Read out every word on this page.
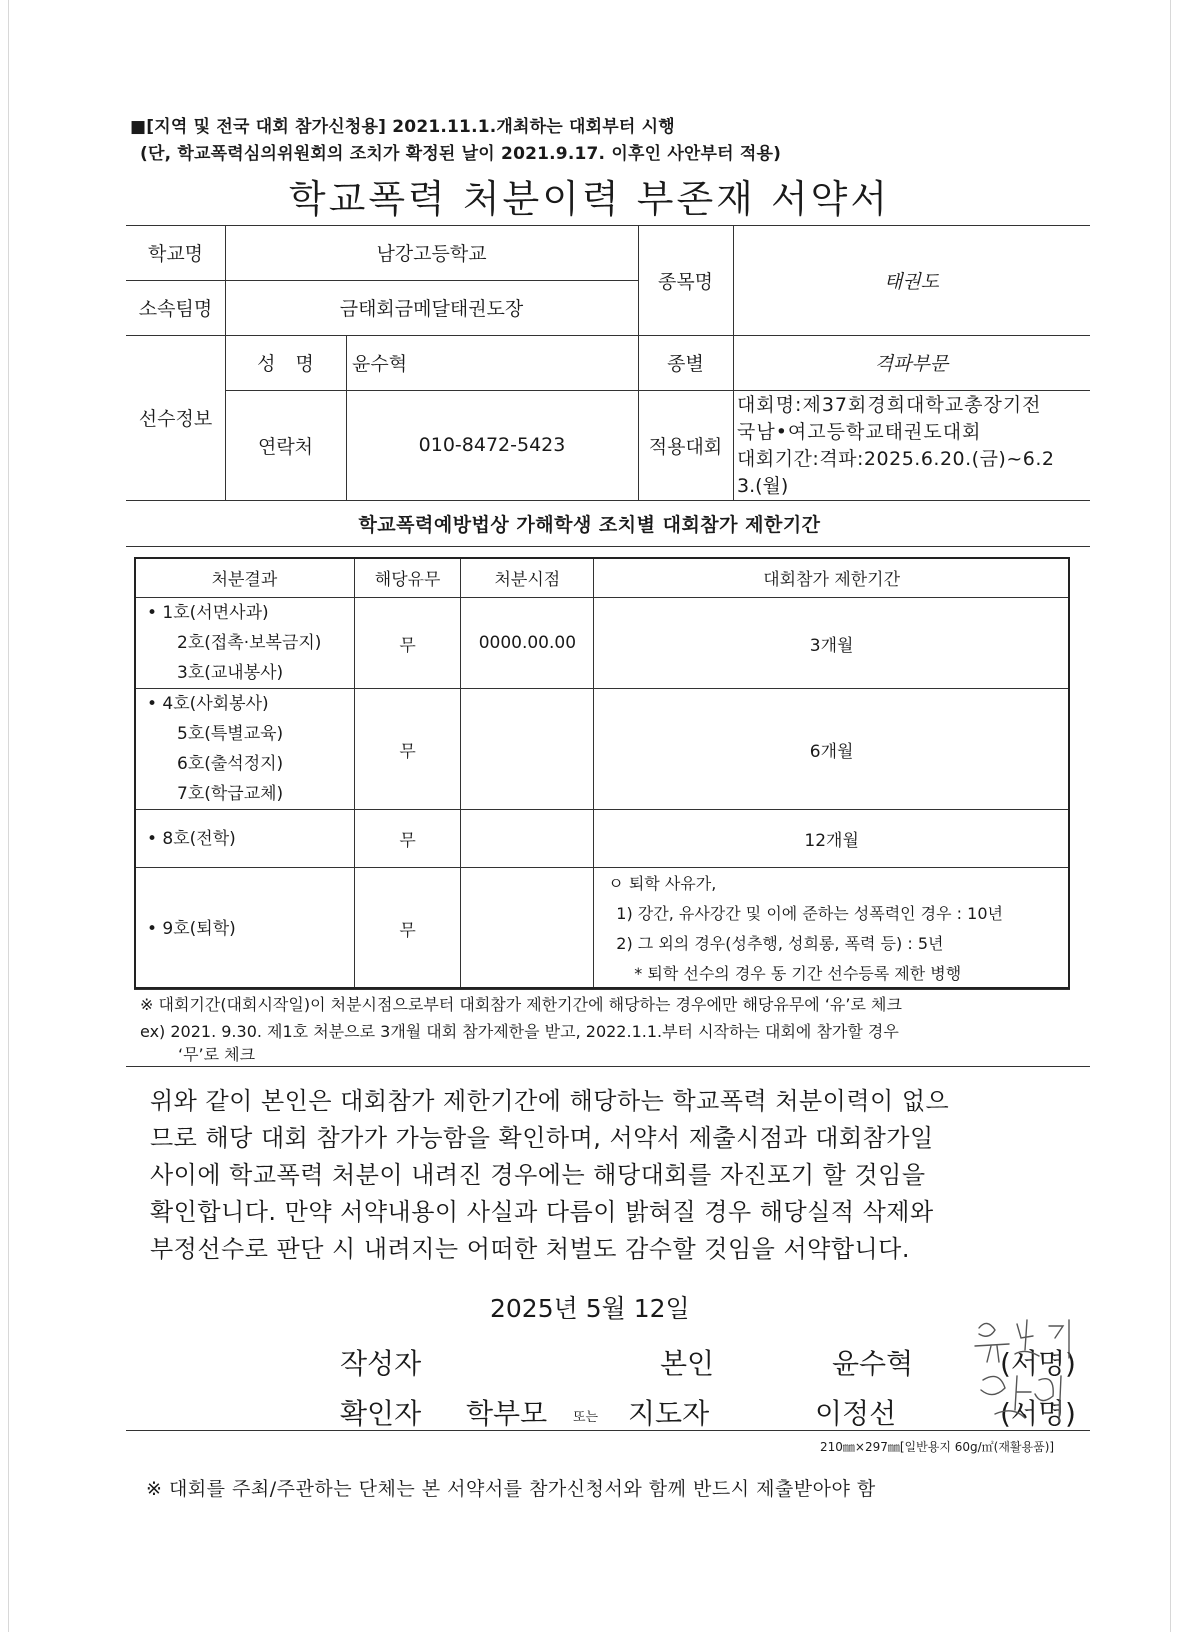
■[지역 및 전국 대회 참가신청용] 2021.11.1.개최하는 대회부터 시행
(단, 학교폭력심의위원회의 조치가 확정된 날이 2021.9.17. 이후인 사안부터 적용)
학교폭력 처분이력 부존재 서약서
학교명	남강고등학교
소속팀명	금태회금메달태권도장
종목명	태권도
선수정보
성 명	윤수혁	종별	격파부문
연락처	010-8472-5423	적용대회
대회명:제37회경희대학교총장기전
국남•여고등학교태권도대회
대회기간:격파:2025.6.20.(금)~6.2
3.(월)
학교폭력예방법상 가해학생 조치별 대회참가 제한기간
처분결과	해당유무	처분시점	대회참가 제한기간

• 1호(서면사과)
2호(접촉·보복금지)
3호(교내봉사)	무	0000.00.00	3개월

• 4호(사회봉사)
5호(특별교육)
6호(출석정지)
7호(학급교체)	무		6개월

• 8호(전학)	무		12개월

• 9호(퇴학)	무		ㅇ 퇴학 사유가,
1) 강간, 유사강간 및 이에 준하는 성폭력인 경우 : 10년
2) 그 외의 경우(성추행, 성희롱, 폭력 등) : 5년
* 퇴학 선수의 경우 동 기간 선수등록 제한 병행
※ 대회기간(대회시작일)이 처분시점으로부터 대회참가 제한기간에 해당하는 경우에만 해당유무에 ‘유’로 체크
ex) 2021. 9.30. 제1호 처분으로 3개월 대회 참가제한을 받고, 2022.1.1.부터 시작하는 대회에 참가할 경우
‘무’로 체크
위와 같이 본인은 대회참가 제한기간에 해당하는 학교폭력 처분이력이 없으
므로 해당 대회 참가가 가능함을 확인하며, 서약서 제출시점과 대회참가일
사이에 학교폭력 처분이 내려진 경우에는 해당대회를 자진포기 할 것임을
확인합니다. 만약 서약내용이 사실과 다름이 밝혀질 경우 해당실적 삭제와
부정선수로 판단 시 내려지는 어떠한 처벌도 감수할 것임을 서약합니다.
2025년 5월 12일
작성자	본인	윤수혁	(서명)
확인자 학부모 또는 지도자	이정선	(서명)
210㎜×297㎜[일반용지 60g/㎡(재활용품)]
※ 대회를 주최/주관하는 단체는 본 서약서를 참가신청서와 함께 반드시 제출받아야 함
